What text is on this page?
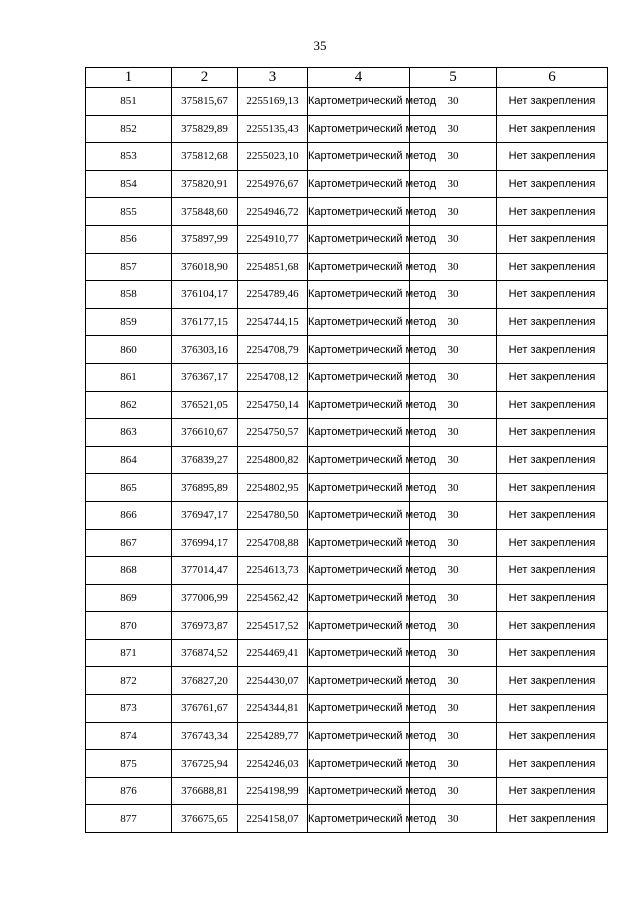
35
1	2	3	4	5	6
851	375815,67	2255169,13	Картометрический метод	30	Нет закрепления
852	375829,89	2255135,43	Картометрический метод	30	Нет закрепления
853	375812,68	2255023,10	Картометрический метод	30	Нет закрепления
854	375820,91	2254976,67	Картометрический метод	30	Нет закрепления
855	375848,60	2254946,72	Картометрический метод	30	Нет закрепления
856	375897,99	2254910,77	Картометрический метод	30	Нет закрепления
857	376018,90	2254851,68	Картометрический метод	30	Нет закрепления
858	376104,17	2254789,46	Картометрический метод	30	Нет закрепления
859	376177,15	2254744,15	Картометрический метод	30	Нет закрепления
860	376303,16	2254708,79	Картометрический метод	30	Нет закрепления
861	376367,17	2254708,12	Картометрический метод	30	Нет закрепления
862	376521,05	2254750,14	Картометрический метод	30	Нет закрепления
863	376610,67	2254750,57	Картометрический метод	30	Нет закрепления
864	376839,27	2254800,82	Картометрический метод	30	Нет закрепления
865	376895,89	2254802,95	Картометрический метод	30	Нет закрепления
866	376947,17	2254780,50	Картометрический метод	30	Нет закрепления
867	376994,17	2254708,88	Картометрический метод	30	Нет закрепления
868	377014,47	2254613,73	Картометрический метод	30	Нет закрепления
869	377006,99	2254562,42	Картометрический метод	30	Нет закрепления
870	376973,87	2254517,52	Картометрический метод	30	Нет закрепления
871	376874,52	2254469,41	Картометрический метод	30	Нет закрепления
872	376827,20	2254430,07	Картометрический метод	30	Нет закрепления
873	376761,67	2254344,81	Картометрический метод	30	Нет закрепления
874	376743,34	2254289,77	Картометрический метод	30	Нет закрепления
875	376725,94	2254246,03	Картометрический метод	30	Нет закрепления
876	376688,81	2254198,99	Картометрический метод	30	Нет закрепления
877	376675,65	2254158,07	Картометрический метод	30	Нет закрепления
